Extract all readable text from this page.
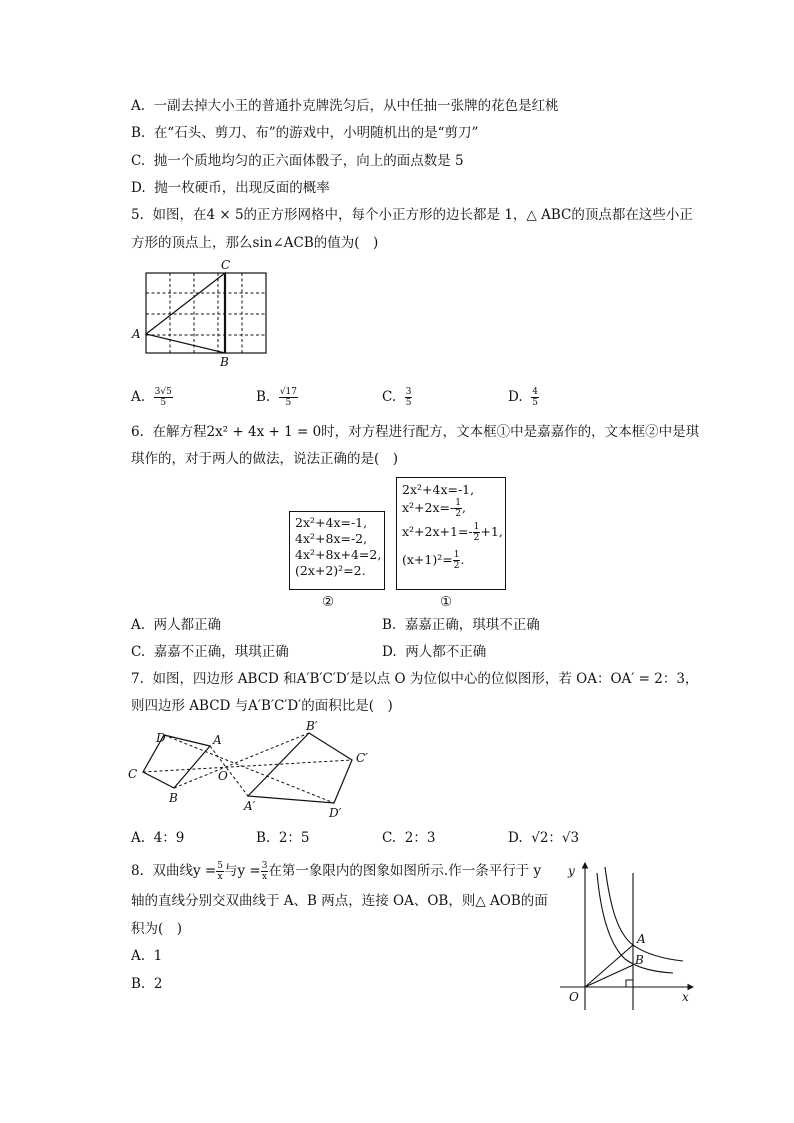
A. 一副去掉大小王的普通扑克牌洗匀后，从中任抽一张牌的花色是红桃
B. 在“石头、剪刀、布”的游戏中，小明随机出的是“剪刀”
C. 抛一个质地均匀的正六面体骰子，向上的面点数是 5
D. 抛一枚硬币，出现反面的概率
5. 如图，在4 × 5的正方形网格中，每个小正方形的边长都是 1，△ ABC的顶点都在这些小正
方形的顶点上，那么sin∠ACB的值为(　)
C
A
B
A. $\frac{3√5}{5}$	B. $\frac{√17}{5}$	C. $\frac{3}{5}$	D. $\frac{4}{5}$
6. 在解方程2x² + 4x + 1 = 0时，对方程进行配方，文本框①中是嘉嘉作的，文本框②中是琪
琪作的，对于两人的做法，说法正确的是(　)
2x²+4x=-1,
4x²+8x=-2,
4x²+8x+4=2,
(2x+2)²=2.
②
2x²+4x=-1,
$x^2+2x=- \frac{1}{2}$ ,
$x^2+2x+1=- \frac{1}{2} +1$,
$(x+1)^2= \frac{1}{2}$ .
①
A. 两人都正确	B. 嘉嘉正确，琪琪不正确
C. 嘉嘉不正确，琪琪正确	D. 两人都不正确
7. 如图，四边形 ABCD 和A′B′C′D′是以点 O 为位似中心的位似图形，若 OA：OA′ = 2：3，
则四边形 ABCD 与A′B′C′D′的面积比是(　)
D	A
C
B
O
B′
C′
A′	D′
A. 4：9	B. 2：5	C. 2：3	D. √2：√3
8. 双曲线$y = \frac{5}{x}$ 与$y = \frac{3}{x}$ 在第一象限内的图象如图所示.作一条平行于 y
轴的直线分别交双曲线于 A、B 两点，连接 OA、OB，则△ AOB的面
积为(　)
A. 1
B. 2
y
x
O
A
B
